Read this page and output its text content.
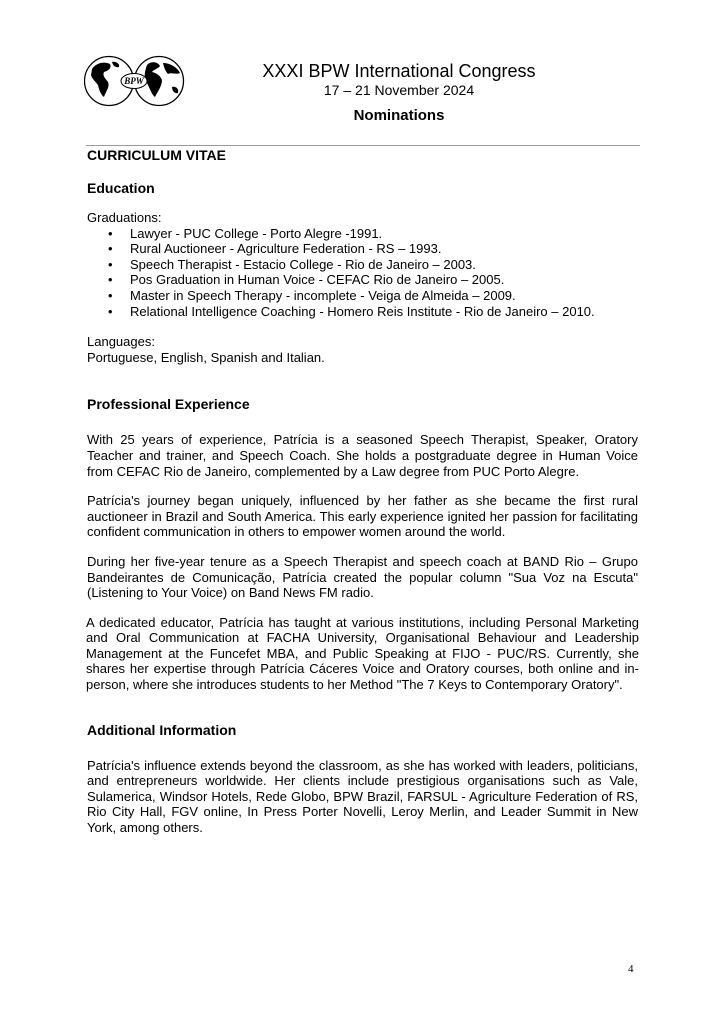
BPW	XXXI BPW International Congress
17 – 21 November 2024
Nominations
CURRICULUM VITAE
Education

Graduations:

• Lawyer - PUC College - Porto Alegre -1991.
• Rural Auctioneer - Agriculture Federation - RS – 1993.
• Speech Therapist - Estacio College - Rio de Janeiro – 2003.
• Pos Graduation in Human Voice - CEFAC Rio de Janeiro – 2005.
• Master in Speech Therapy - incomplete - Veiga de Almeida – 2009.
• Relational Intelligence Coaching - Homero Reis Institute - Rio de Janeiro – 2010.

Languages:

Portuguese, English, Spanish and Italian.

Professional Experience

With 25 years of experience, Patrícia is a seasoned Speech Therapist, Speaker, Oratory Teacher and trainer, and Speech Coach. She holds a postgraduate degree in Human Voice from CEFAC Rio de Janeiro, complemented by a Law degree from PUC Porto Alegre.

Patrícia's journey began uniquely, influenced by her father as she became the first rural auctioneer in Brazil and South America. This early experience ignited her passion for facilitating confident communication in others to empower women around the world.

During her five-year tenure as a Speech Therapist and speech coach at BAND Rio – Grupo Bandeirantes de Comunicação, Patrícia created the popular column "Sua Voz na Escuta" (Listening to Your Voice) on Band News FM radio.

A dedicated educator, Patrícia has taught at various institutions, including Personal Marketing and Oral Communication at FACHA University, Organisational Behaviour and Leadership Management at the Funcefet MBA, and Public Speaking at FIJO - PUC/RS. Currently, she shares her expertise through Patrícia Cáceres Voice and Oratory courses, both online and in-person, where she introduces students to her Method "The 7 Keys to Contemporary Oratory".

Additional Information

Patrícia's influence extends beyond the classroom, as she has worked with leaders, politicians, and entrepreneurs worldwide. Her clients include prestigious organisations such as Vale, Sulamerica, Windsor Hotels, Rede Globo, BPW Brazil, FARSUL - Agriculture Federation of RS, Rio City Hall, FGV online, In Press Porter Novelli, Leroy Merlin, and Leader Summit in New York, among others.

4
